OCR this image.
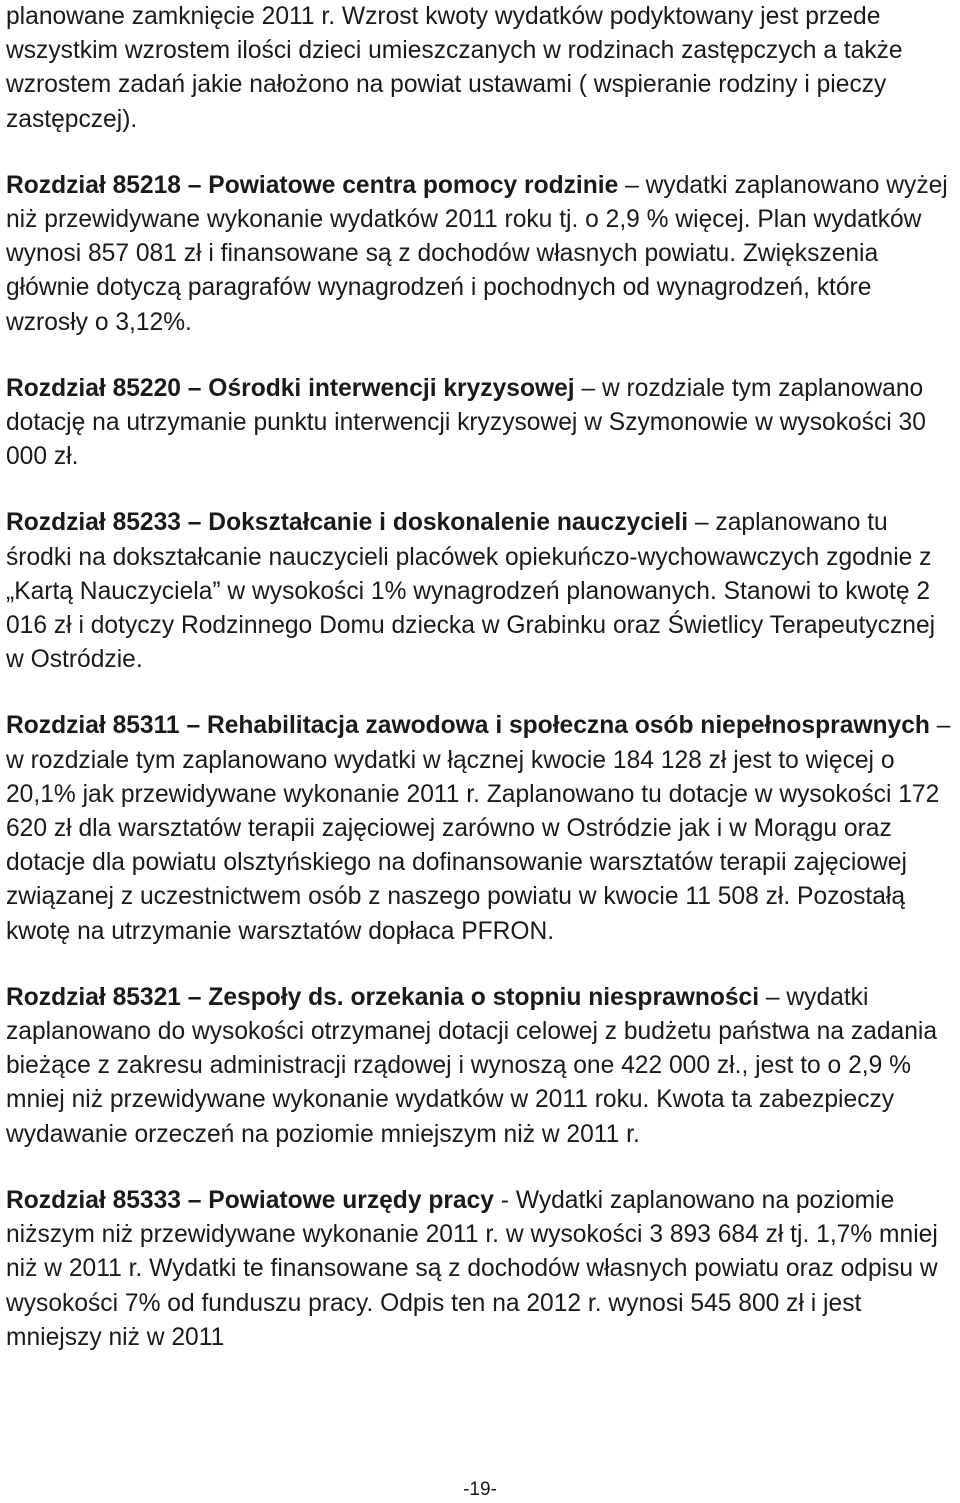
planowane zamknięcie 2011 r. Wzrost kwoty wydatków podyktowany jest przede wszystkim wzrostem ilości dzieci umieszczanych w rodzinach zastępczych a także wzrostem zadań jakie nałożono na powiat ustawami ( wspieranie rodziny i pieczy zastępczej).

Rozdział 85218 – Powiatowe centra pomocy rodzinie – wydatki zaplanowano wyżej niż przewidywane wykonanie wydatków 2011 roku tj. o 2,9 % więcej. Plan wydatków wynosi 857 081 zł i finansowane są z dochodów własnych powiatu. Zwiększenia głównie dotyczą paragrafów wynagrodzeń i pochodnych od wynagrodzeń, które wzrosły o 3,12%.

Rozdział 85220 – Ośrodki interwencji kryzysowej – w rozdziale tym zaplanowano dotację na utrzymanie punktu interwencji kryzysowej w Szymonowie w wysokości 30 000 zł.

Rozdział 85233 – Dokształcanie i doskonalenie nauczycieli – zaplanowano tu środki na dokształcanie nauczycieli placówek opiekuńczo-wychowawczych zgodnie z „Kartą Nauczyciela” w wysokości 1% wynagrodzeń planowanych. Stanowi to kwotę 2 016 zł i dotyczy Rodzinnego Domu dziecka w Grabinku oraz Świetlicy Terapeutycznej w Ostródzie.

Rozdział 85311 – Rehabilitacja zawodowa i społeczna osób niepełnosprawnych – w rozdziale tym zaplanowano wydatki w łącznej kwocie 184 128 zł jest to więcej o 20,1% jak przewidywane wykonanie 2011 r. Zaplanowano tu dotacje w wysokości 172 620 zł dla warsztatów terapii zajęciowej zarówno w Ostródzie jak i w Morągu oraz dotacje dla powiatu olsztyńskiego na dofinansowanie warsztatów terapii zajęciowej związanej z uczestnictwem osób z naszego powiatu w kwocie 11 508 zł. Pozostałą kwotę na utrzymanie warsztatów dopłaca PFRON.

Rozdział 85321 – Zespoły ds. orzekania o stopniu niesprawności – wydatki zaplanowano do wysokości otrzymanej dotacji celowej z budżetu państwa na zadania bieżące z zakresu administracji rządowej i wynoszą one 422 000 zł., jest to o 2,9 % mniej niż przewidywane wykonanie wydatków w 2011 roku. Kwota ta zabezpieczy wydawanie orzeczeń na poziomie mniejszym niż w 2011 r.

Rozdział 85333 – Powiatowe urzędy pracy - Wydatki zaplanowano na poziomie niższym niż przewidywane wykonanie 2011 r. w wysokości 3 893 684 zł tj. 1,7% mniej niż w 2011 r. Wydatki te finansowane są z dochodów własnych powiatu oraz odpisu w wysokości 7% od funduszu pracy. Odpis ten na 2012 r. wynosi 545 800 zł i jest mniejszy niż w 2011

-19-
